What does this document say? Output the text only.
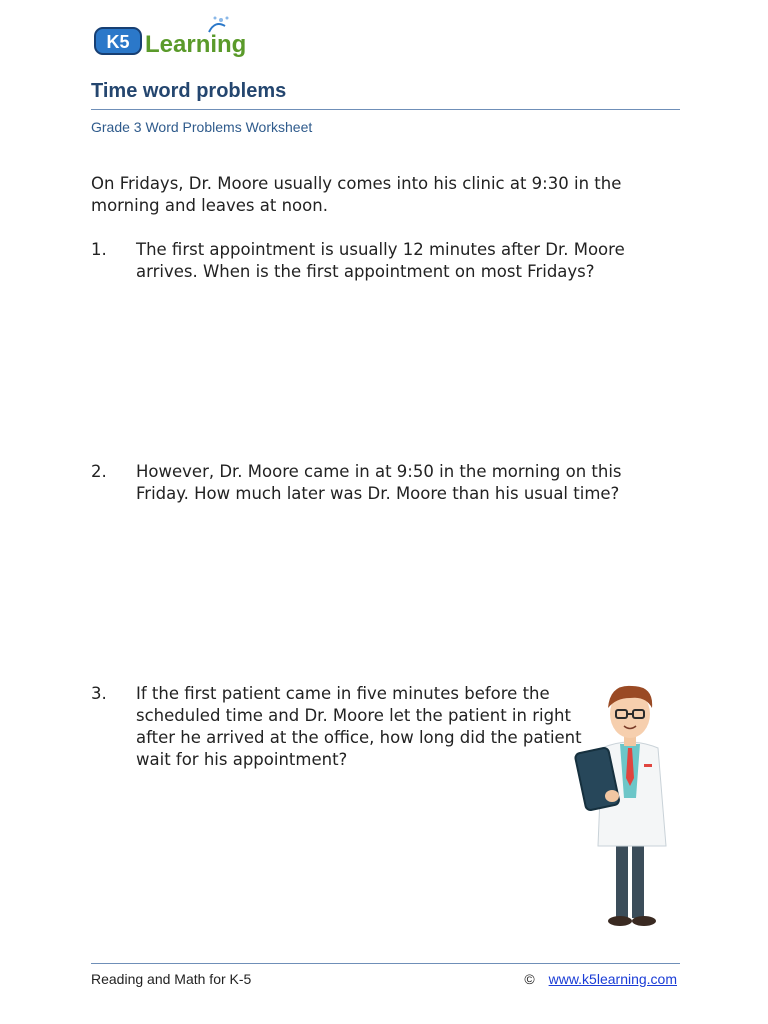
K5 Learning
Time word problems
Grade 3 Word Problems Worksheet

On Fridays, Dr. Moore usually comes into his clinic at 9:30 in the morning and leaves at noon.

1.	The first appointment is usually 12 minutes after Dr. Moore arrives. When is the first appointment on most Fridays?
2.	However, Dr. Moore came in at 9:50 in the morning on this Friday. How much later was Dr. Moore than his usual time?
3.	If the first patient came in five minutes before the scheduled time and Dr. Moore let the patient in right after he arrived at the office, how long did the patient wait for his appointment?
Reading and Math for K-5	© www.k5learning.com
